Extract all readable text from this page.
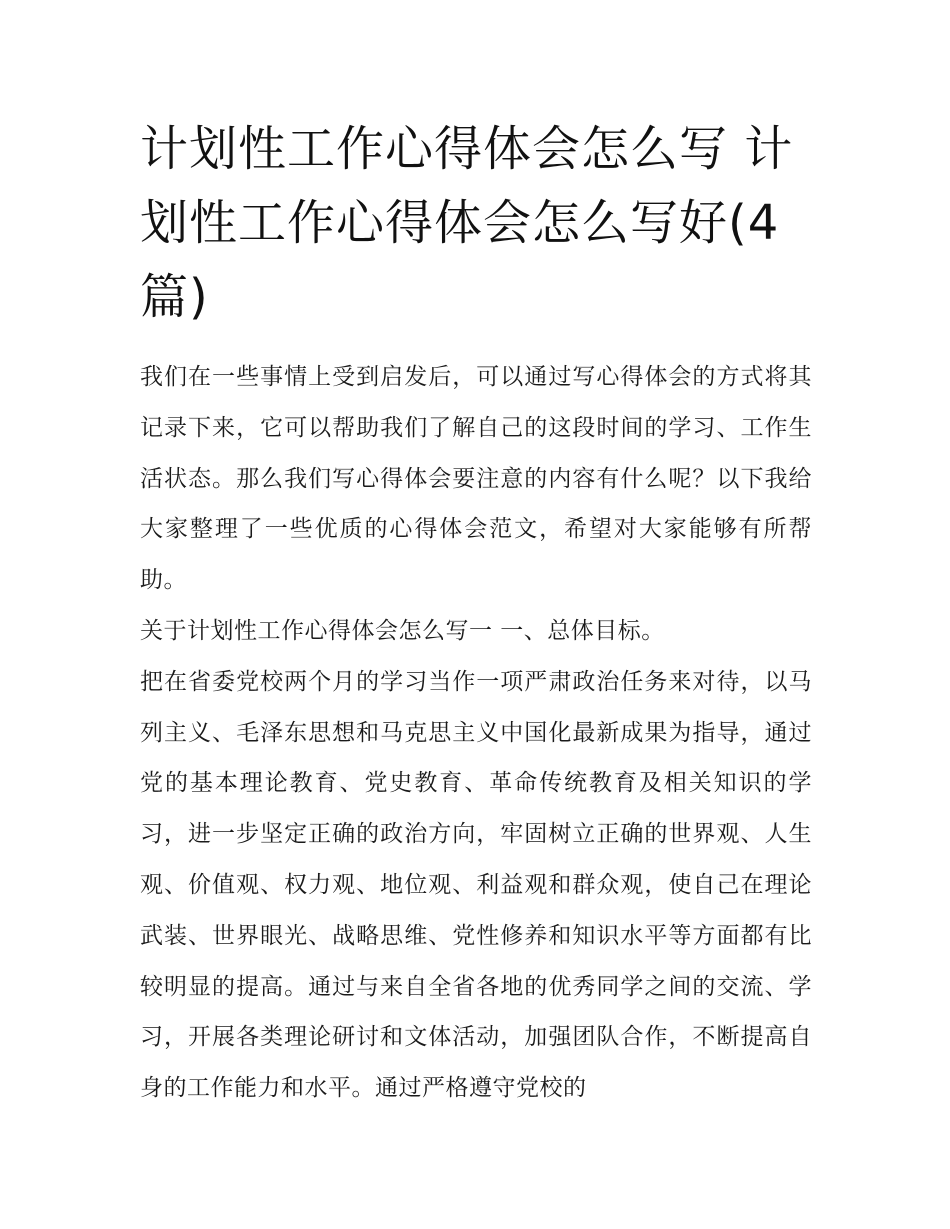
计划性工作心得体会怎么写 计划性工作心得体会怎么写好(4篇)

我们在一些事情上受到启发后，可以通过写心得体会的方式将其记录下来，它可以帮助我们了解自己的这段时间的学习、工作生活状态。那么我们写心得体会要注意的内容有什么呢？以下我给大家整理了一些优质的心得体会范文，希望对大家能够有所帮助。

关于计划性工作心得体会怎么写一 一、总体目标。

把在省委党校两个月的学习当作一项严肃政治任务来对待，以马列主义、毛泽东思想和马克思主义中国化最新成果为指导，通过党的基本理论教育、党史教育、革命传统教育及相关知识的学习，进一步坚定正确的政治方向，牢固树立正确的世界观、人生观、价值观、权力观、地位观、利益观和群众观，使自己在理论武装、世界眼光、战略思维、党性修养和知识水平等方面都有比较明显的提高。通过与来自全省各地的优秀同学之间的交流、学习，开展各类理论研讨和文体活动，加强团队合作，不断提高自身的工作能力和水平。通过严格遵守党校的
